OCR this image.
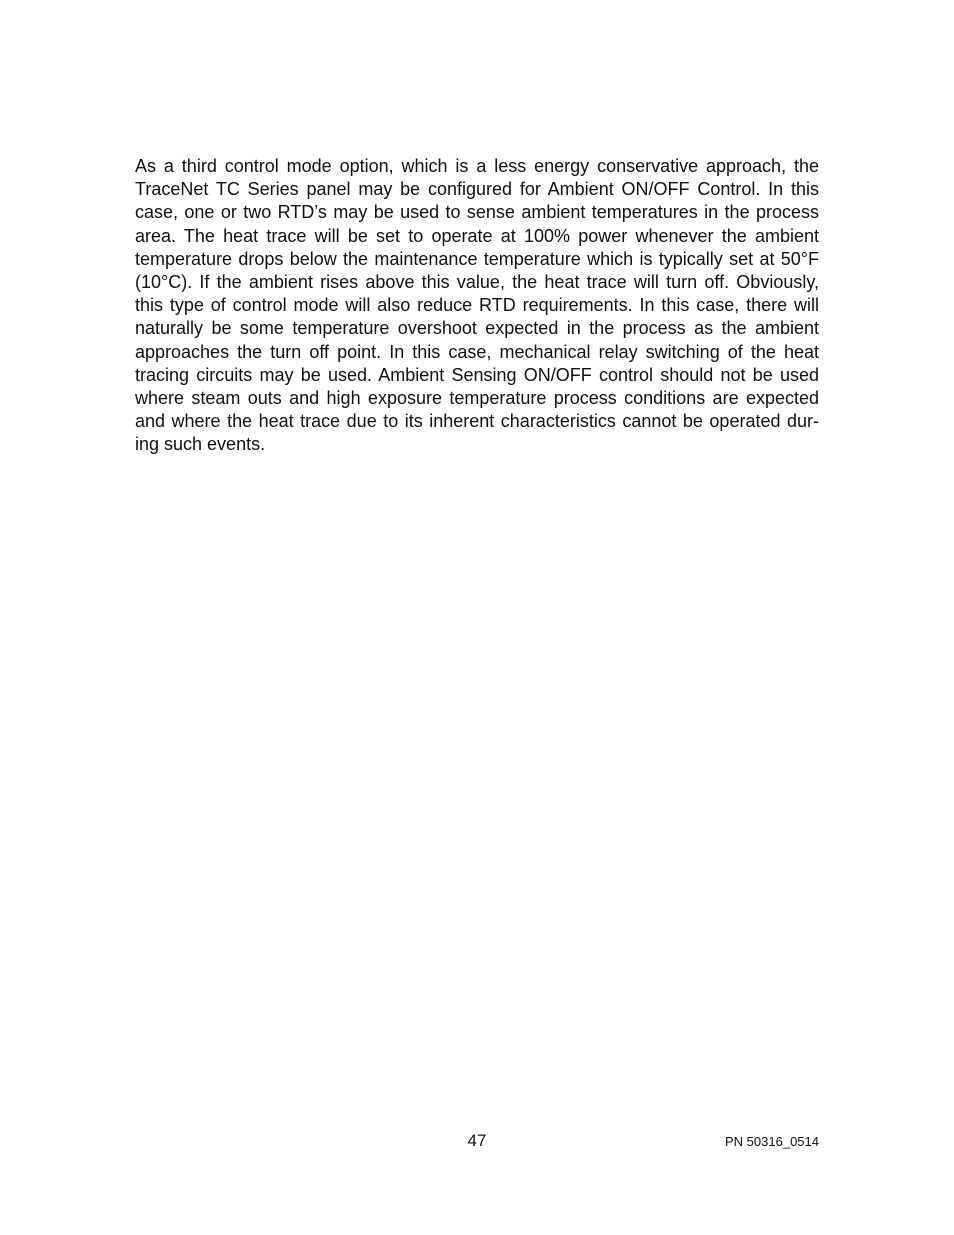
As a third control mode option, which is a less energy conservative approach, the
TraceNet TC Series panel may be configured for Ambient ON/OFF Control. In this
case, one or two RTD’s may be used to sense ambient temperatures in the process
area. The heat trace will be set to operate at 100% power whenever the ambient
temperature drops below the maintenance temperature which is typically set at 50°F
(10°C). If the ambient rises above this value, the heat trace will turn off. Obviously,
this type of control mode will also reduce RTD requirements. In this case, there will
naturally be some temperature overshoot expected in the process as the ambient
approaches the turn off point. In this case, mechanical relay switching of the heat
tracing circuits may be used. Ambient Sensing ON/OFF control should not be used
where steam outs and high exposure temperature process conditions are expected
and where the heat trace due to its inherent characteristics cannot be operated dur-
ing such events.
47	PN 50316_0514
